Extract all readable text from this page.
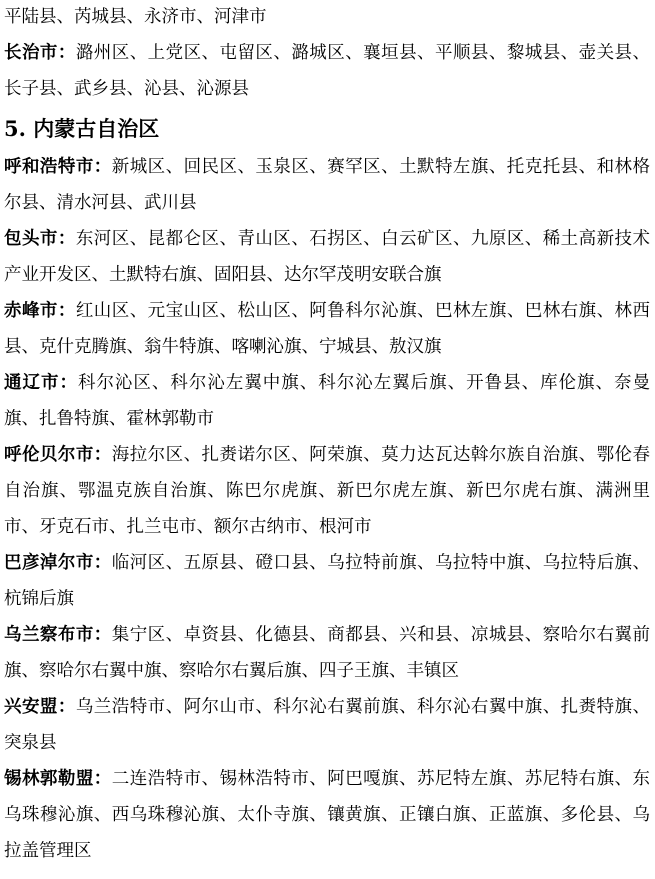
平陆县、芮城县、永济市、河津市

长治市：潞州区、上党区、屯留区、潞城区、襄垣县、平顺县、黎城县、壶关县、长子县、武乡县、沁县、沁源县

5. 内蒙古自治区

呼和浩特市：新城区、回民区、玉泉区、赛罕区、土默特左旗、托克托县、和林格尔县、清水河县、武川县

包头市：东河区、昆都仑区、青山区、石拐区、白云矿区、九原区、稀土高新技术产业开发区、土默特右旗、固阳县、达尔罕茂明安联合旗

赤峰市：红山区、元宝山区、松山区、阿鲁科尔沁旗、巴林左旗、巴林右旗、林西县、克什克腾旗、翁牛特旗、喀喇沁旗、宁城县、敖汉旗

通辽市：科尔沁区、科尔沁左翼中旗、科尔沁左翼后旗、开鲁县、库伦旗、奈曼旗、扎鲁特旗、霍林郭勒市

呼伦贝尔市：海拉尔区、扎赉诺尔区、阿荣旗、莫力达瓦达斡尔族自治旗、鄂伦春自治旗、鄂温克族自治旗、陈巴尔虎旗、新巴尔虎左旗、新巴尔虎右旗、满洲里市、牙克石市、扎兰屯市、额尔古纳市、根河市

巴彦淖尔市：临河区、五原县、磴口县、乌拉特前旗、乌拉特中旗、乌拉特后旗、杭锦后旗

乌兰察布市：集宁区、卓资县、化德县、商都县、兴和县、凉城县、察哈尔右翼前旗、察哈尔右翼中旗、察哈尔右翼后旗、四子王旗、丰镇区

兴安盟：乌兰浩特市、阿尔山市、科尔沁右翼前旗、科尔沁右翼中旗、扎赉特旗、突泉县

锡林郭勒盟：二连浩特市、锡林浩特市、阿巴嘎旗、苏尼特左旗、苏尼特右旗、东乌珠穆沁旗、西乌珠穆沁旗、太仆寺旗、镶黄旗、正镶白旗、正蓝旗、多伦县、乌拉盖管理区
